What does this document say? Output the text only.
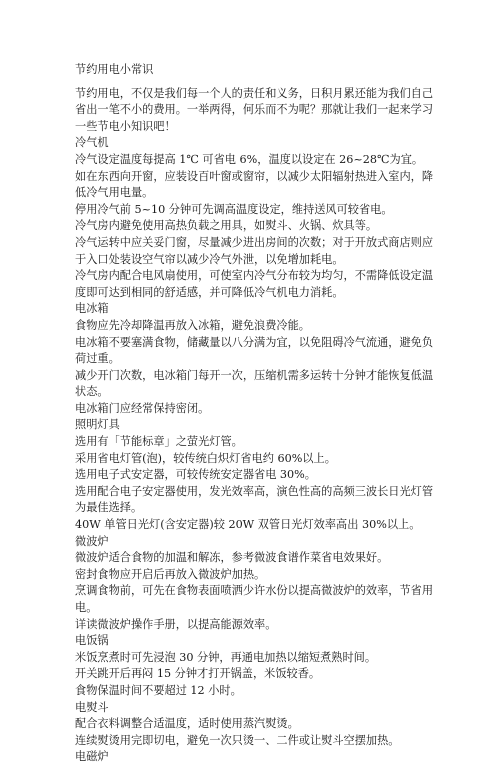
节约用电小常识

节约用电，不仅是我们每一个人的责任和义务，日积月累还能为我们自己省出一笔不小的费用。一举两得，何乐而不为呢？那就让我们一起来学习一些节电小知识吧！

冷气机

冷气设定温度每提高 1℃ 可省电 6%，温度以设定在 26~28℃为宜。

如在东西向开窗，应装设百叶窗或窗帘，以减少太阳辐射热进入室内，降低冷气用电量。

停用冷气前 5~10 分钟可先调高温度设定，维持送风可较省电。

冷气房内避免使用高热负载之用具，如熨斗、火锅、炊具等。

冷气运转中应关妥门窗，尽量减少进出房间的次数；对于开放式商店则应于入口处装设空气帘以减少冷气外泄，以免增加耗电。

冷气房内配合电风扇使用，可使室内冷气分布较为均匀，不需降低设定温度即可达到相同的舒适感，并可降低冷气机电力消耗。

电冰箱

食物应先冷却降温再放入冰箱，避免浪费冷能。

电冰箱不要塞满食物，储藏量以八分满为宜，以免阻碍冷气流通，避免负荷过重。

减少开门次数，电冰箱门每开一次，压缩机需多运转十分钟才能恢复低温状态。

电冰箱门应经常保持密闭。

照明灯具

选用有「节能标章」之萤光灯管。

采用省电灯管(泡)，较传统白炽灯省电约 60%以上。

选用电子式安定器，可较传统安定器省电 30%。

选用配合电子安定器使用，发光效率高，演色性高的高频三波长日光灯管为最佳选择。

40W 单管日光灯(含安定器)较 20W 双管日光灯效率高出 30%以上。

微波炉

微波炉适合食物的加温和解冻，参考微波食谱作菜省电效果好。

密封食物应开启后再放入微波炉加热。

烹调食物前，可先在食物表面喷洒少许水份以提高微波炉的效率，节省用电。

详读微波炉操作手册，以提高能源效率。

电饭锅

米饭烹煮时可先浸泡 30 分钟，再通电加热以缩短煮熟时间。

开关跳开后再闷 15 分钟才打开锅盖，米饭较香。

食物保温时间不要超过 12 小时。

电熨斗

配合衣料调整合适温度，适时使用蒸汽熨烫。

连续熨烫用完即切电，避免一次只烫一、二件或让熨斗空摆加热。

电磁炉
